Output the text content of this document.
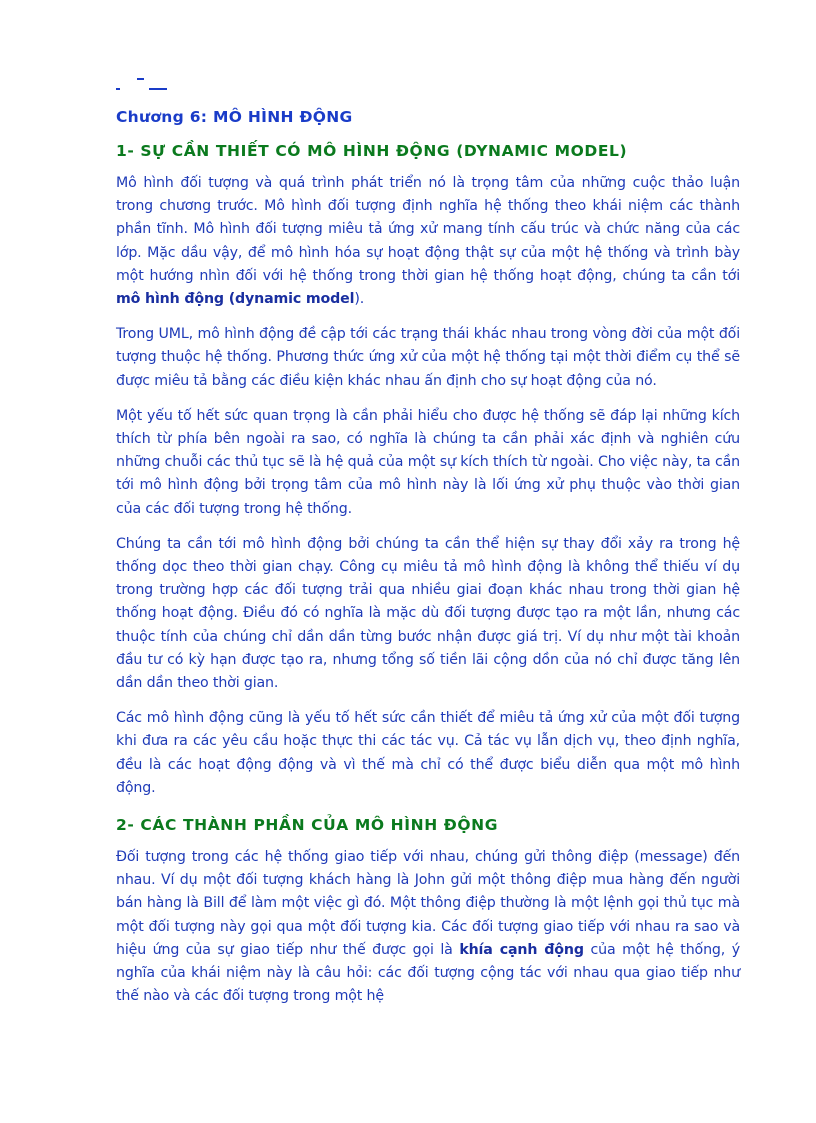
Chương 6: MÔ HÌNH ĐỘNG
1- SỰ CẦN THIẾT CÓ MÔ HÌNH ĐỘNG (DYNAMIC MODEL)

Mô hình đối tượng và quá trình phát triển nó là trọng tâm của những cuộc thảo luận trong chương trước. Mô hình đối tượng định nghĩa hệ thống theo khái niệm các thành phần tĩnh. Mô hình đối tượng miêu tả ứng xử mang tính cấu trúc và chức năng của các lớp. Mặc dầu vậy, để mô hình hóa sự hoạt động thật sự của một hệ thống và trình bày một hướng nhìn đối với hệ thống trong thời gian hệ thống hoạt động, chúng ta cần tới mô hình động (dynamic model).

Trong UML, mô hình động đề cập tới các trạng thái khác nhau trong vòng đời của một đối tượng thuộc hệ thống. Phương thức ứng xử của một hệ thống tại một thời điểm cụ thể sẽ được miêu tả bằng các điều kiện khác nhau ấn định cho sự hoạt động của nó.

Một yếu tố hết sức quan trọng là cần phải hiểu cho được hệ thống sẽ đáp lại những kích thích từ phía bên ngoài ra sao, có nghĩa là chúng ta cần phải xác định và nghiên cứu những chuỗi các thủ tục sẽ là hệ quả của một sự kích thích từ ngoài. Cho việc này, ta cần tới mô hình động bởi trọng tâm của mô hình này là lối ứng xử phụ thuộc vào thời gian của các đối tượng trong hệ thống.

Chúng ta cần tới mô hình động bởi chúng ta cần thể hiện sự thay đổi xảy ra trong hệ thống dọc theo thời gian chạy. Công cụ miêu tả mô hình động là không thể thiếu ví dụ trong trường hợp các đối tượng trải qua nhiều giai đoạn khác nhau trong thời gian hệ thống hoạt động. Điều đó có nghĩa là mặc dù đối tượng được tạo ra một lần, nhưng các thuộc tính của chúng chỉ dần dần từng bước nhận được giá trị. Ví dụ như một tài khoản đầu tư có kỳ hạn được tạo ra, nhưng tổng số tiền lãi cộng dồn của nó chỉ được tăng lên dần dần theo thời gian.

Các mô hình động cũng là yếu tố hết sức cần thiết để miêu tả ứng xử của một đối tượng khi đưa ra các yêu cầu hoặc thực thi các tác vụ. Cả tác vụ lẫn dịch vụ, theo định nghĩa, đều là các hoạt động động và vì thế mà chỉ có thể được biểu diễn qua một mô hình động.

2- CÁC THÀNH PHẦN CỦA MÔ HÌNH ĐỘNG

Đối tượng trong các hệ thống giao tiếp với nhau, chúng gửi thông điệp (message) đến nhau. Ví dụ một đối tượng khách hàng là John gửi một thông điệp mua hàng đến người bán hàng là Bill để làm một việc gì đó. Một thông điệp thường là một lệnh gọi thủ tục mà một đối tượng này gọi qua một đối tượng kia. Các đối tượng giao tiếp với nhau ra sao và hiệu ứng của sự giao tiếp như thế được gọi là khía cạnh động của một hệ thống, ý nghĩa của khái niệm này là câu hỏi: các đối tượng cộng tác với nhau qua giao tiếp như thế nào và các đối tượng trong một hệ
